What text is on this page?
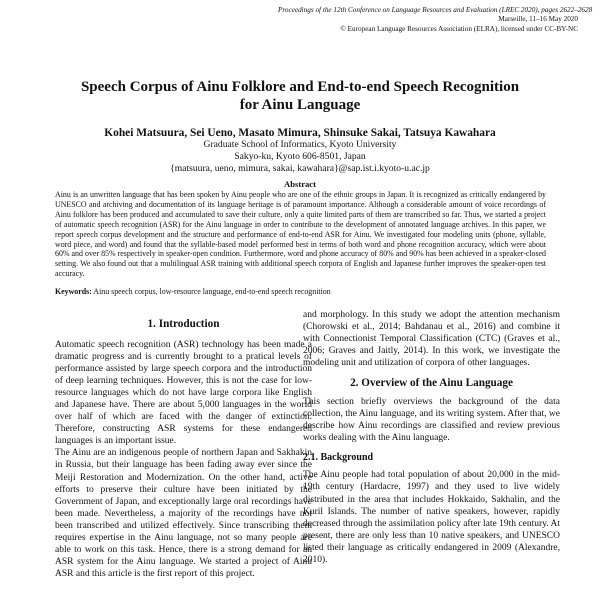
Proceedings of the 12th Conference on Language Resources and Evaluation (LREC 2020), pages 2622–2628
Marseille, 11–16 May 2020
© European Language Resources Association (ELRA), licensed under CC-BY-NC
Speech Corpus of Ainu Folklore and End-to-end Speech Recognition
for Ainu Language
Kohei Matsuura, Sei Ueno, Masato Mimura, Shinsuke Sakai, Tatsuya Kawahara
Graduate School of Informatics, Kyoto University
Sakyo-ku, Kyoto 606-8501, Japan
{matsuura, ueno, mimura, sakai, kawahara}@sap.ist.i.kyoto-u.ac.jp
Abstract
Ainu is an unwritten language that has been spoken by Ainu people who are one of the ethnic groups in Japan. It is recognized as critically endangered by UNESCO and archiving and documentation of its language heritage is of paramount importance. Although a considerable amount of voice recordings of Ainu folklore has been produced and accumulated to save their culture, only a quite limited parts of them are transcribed so far. Thus, we started a project of automatic speech recognition (ASR) for the Ainu language in order to contribute to the development of annotated language archives. In this paper, we report speech corpus development and the structure and performance of end-to-end ASR for Ainu. We investigated four modeling units (phone, syllable, word piece, and word) and found that the syllable-based model performed best in terms of both word and phone recognition accuracy, which were about 60% and over 85% respectively in speaker-open condition. Furthermore, word and phone accuracy of 80% and 90% has been achieved in a speaker-closed setting. We also found out that a multilingual ASR training with additional speech corpora of English and Japanese further improves the speaker-open test accuracy.
Keywords: Ainu speech corpus, low-resource language, end-to-end speech recognition
1. Introduction

Automatic speech recognition (ASR) technology has been made a dramatic progress and is currently brought to a pratical levels of performance assisted by large speech corpora and the introduction of deep learning techniques. However, this is not the case for low-resource languages which do not have large corpora like English and Japanese have. There are about 5,000 languages in the world over half of which are faced with the danger of extinction. Therefore, constructing ASR systems for these endangered languages is an important issue.

The Ainu are an indigenous people of northern Japan and Sakhakin in Russia, but their language has been fading away ever since the Meiji Restoration and Modernization. On the other hand, active efforts to preserve their culture have been initiated by the Government of Japan, and exceptionally large oral recordings have been made. Nevertheless, a majority of the recordings have not been transcribed and utilized effectively. Since transcribing them requires expertise in the Ainu language, not so many people are able to work on this task. Hence, there is a strong demand for an ASR system for the Ainu language. We started a project of Ainu ASR and this article is the first report of this project.

and morphology. In this study we adopt the attention mechanism (Chorowski et al., 2014; Bahdanau et al., 2016) and combine it with Connectionist Temporal Classification (CTC) (Graves et al., 2006; Graves and Jaitly, 2014). In this work, we investigate the modeling unit and utilization of corpora of other languages.

2. Overview of the Ainu Language

This section briefly overviews the background of the data collection, the Ainu language, and its writing system. After that, we describe how Ainu recordings are classified and review previous works dealing with the Ainu language.

2.1. Background

The Ainu people had total population of about 20,000 in the mid-19th century (Hardacre, 1997) and they used to live widely distributed in the area that includes Hokkaido, Sakhalin, and the Kuril Islands. The number of native speakers, however, rapidly decreased through the assimilation policy after late 19th century. At present, there are only less than 10 native speakers, and UNESCO listed their language as critically endangered in 2009 (Alexandre, 2010).
